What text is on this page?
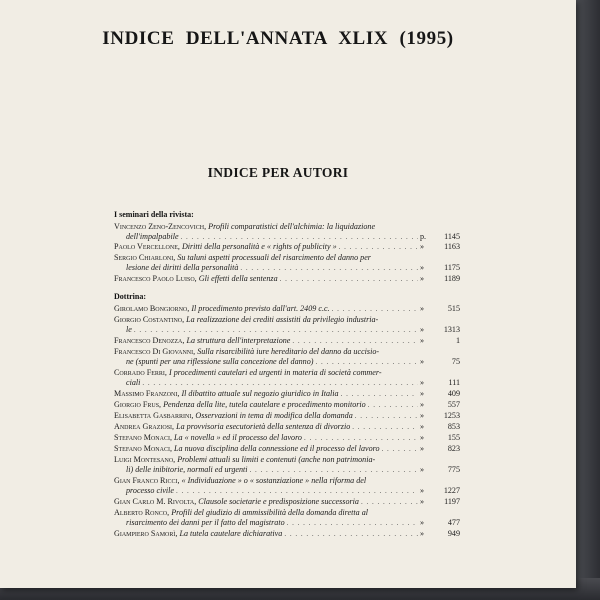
INDICE DELL'ANNATA XLIX (1995)
INDICE PER AUTORI
I seminari della rivista:
Vincenzo Zeno-Zencovich, Profili comparatistici dell'alchimia: la liquidazione
dell'impalpabile . . .	p.	1145
Paolo Vercellone, Diritti della personalità e « rights of publicity » . . .	»	1163
Sergio Chiarloni, Su taluni aspetti processuali del risarcimento del danno per
lesione dei diritti della personalità . . .	»	1175
Francesco Paolo Luiso, Gli effetti della sentenza . . .	»	1189
Dottrina:
Girolamo Bongiorno, Il procedimento previsto dall'art. 2409 c.c. . . .	»	515
Giorgio Costantino, La realizzazione dei crediti assistiti da privilegio industria-
le . . .	»	1313
Francesco Denozza, La struttura dell'interpretazione . . .	»	1
Francesco Di Giovanni, Sulla risarcibilità iure hereditario del danno da uccisio-
ne (spunti per una riflessione sulla concezione del danno) . . .	»	75
Corrado Ferri, I procedimenti cautelari ed urgenti in materia di società commer-
ciali . . .	»	111
Massimo Franzoni, Il dibattito attuale sul negozio giuridico in Italia . . .	»	409
Giorgio Frus, Pendenza della lite, tutela cautelare e procedimento monitorio . . .	»	557
Elisabetta Gasbarrini, Osservazioni in tema di modifica della domanda . . .	»	1253
Andrea Graziosi, La provvisoria esecutorietà della sentenza di divorzio . . .	»	853
Stefano Monaci, La « novella » ed il processo del lavoro . . .	»	155
Stefano Monaci, La nuova disciplina della connessione ed il processo del lavoro . . .	»	823
Luigi Montesano, Problemi attuali su limiti e contenuti (anche non patrimonia-
li) delle inibitorie, normali ed urgenti . . .	»	775
Gian Franco Ricci, « Individuazione » o « sostanziazione » nella riforma del
processo civile . . .	»	1227
Gian Carlo M. Rivolta, Clausole societarie e predisposizione successoria . . .	»	1197
Alberto Ronco, Profili del giudizio di ammissibilità della domanda diretta al
risarcimento dei danni per il fatto del magistrato . . .	»	477
Giampiero Samorì, La tutela cautelare dichiarativa . . .	»	949
